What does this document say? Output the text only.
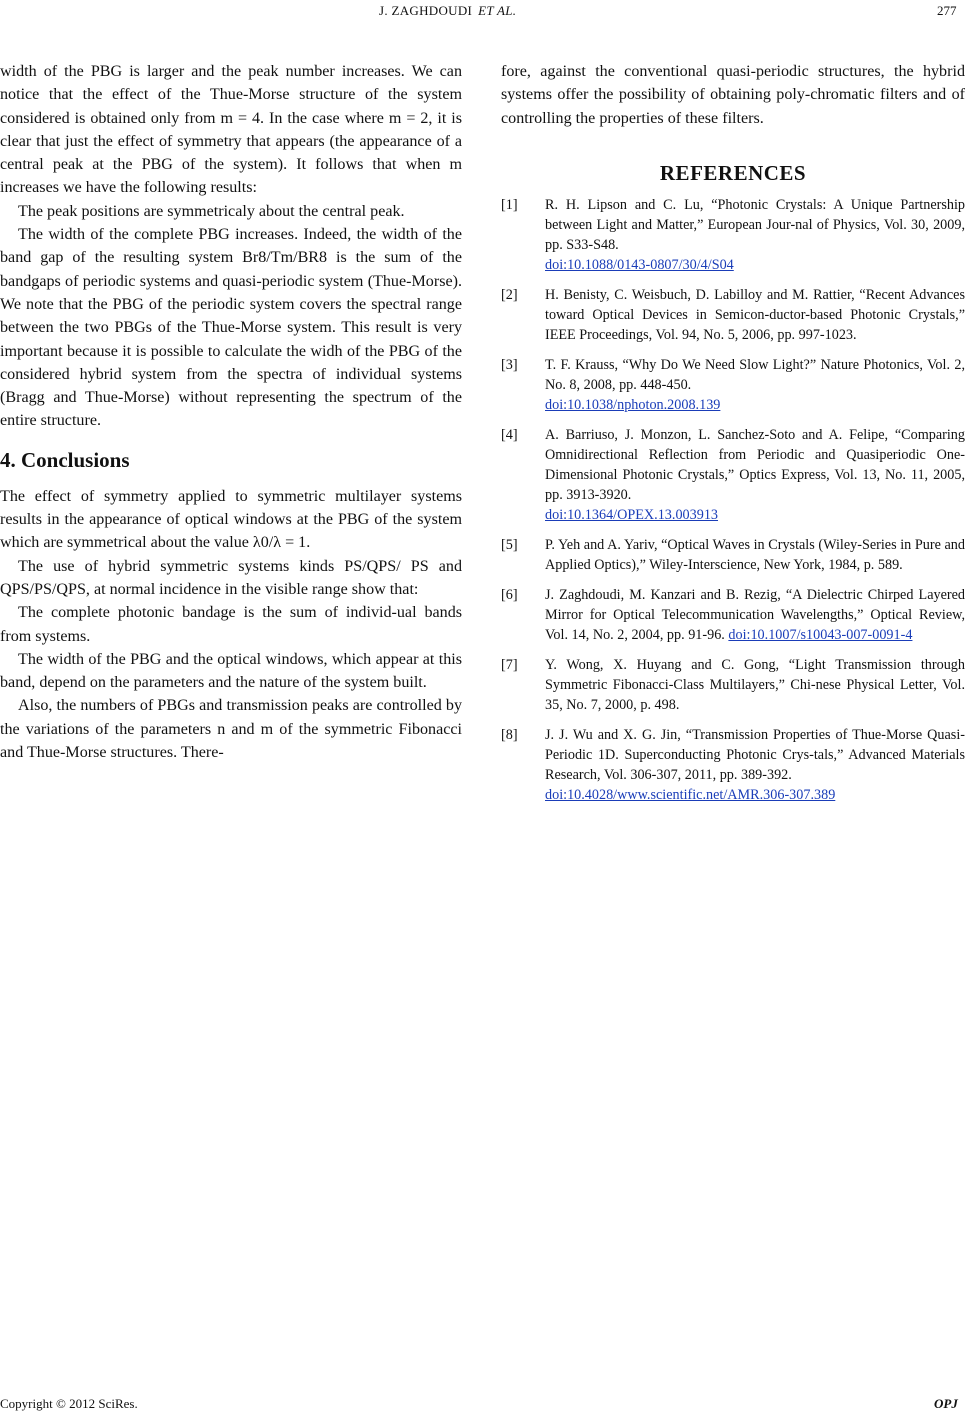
J. ZAGHDOUDI ET AL.	277

width of the PBG is larger and the peak number increases. We can notice that the effect of the Thue-Morse structure of the system considered is obtained only from m = 4. In the case where m = 2, it is clear that just the effect of symmetry that appears (the appearance of a central peak at the PBG of the system). It follows that when m increases we have the following results:

The peak positions are symmetricaly about the central peak.

The width of the complete PBG increases. Indeed, the width of the band gap of the resulting system Br8/Tm/BR8 is the sum of the bandgaps of periodic systems and quasi-periodic system (Thue-Morse). We note that the PBG of the periodic system covers the spectral range between the two PBGs of the Thue-Morse system. This result is very important because it is possible to calculate the widh of the PBG of the considered hybrid system from the spectra of individual systems (Bragg and Thue-Morse) without representing the spectrum of the entire structure.

4. Conclusions

The effect of symmetry applied to symmetric multilayer systems results in the appearance of optical windows at the PBG of the system which are symmetrical about the value λ0/λ = 1.

The use of hybrid symmetric systems kinds PS/QPS/ PS and QPS/PS/QPS, at normal incidence in the visible range show that:

The complete photonic bandage is the sum of individ-ual bands from systems.

The width of the PBG and the optical windows, which appear at this band, depend on the parameters and the nature of the system built.

Also, the numbers of PBGs and transmission peaks are controlled by the variations of the parameters n and m of the symmetric Fibonacci and Thue-Morse structures. There-

fore, against the conventional quasi-periodic structures, the hybrid systems offer the possibility of obtaining poly-chromatic filters and of controlling the properties of these filters.

REFERENCES
[1]	R. H. Lipson and C. Lu, “Photonic Crystals: A Unique Partnership between Light and Matter,” European Jour-nal of Physics, Vol. 30, 2009, pp. S33-S48.
doi:10.1088/0143-0807/30/4/S04
[2]	H. Benisty, C. Weisbuch, D. Labilloy and M. Rattier, “Recent Advances toward Optical Devices in Semicon-ductor-based Photonic Crystals,” IEEE Proceedings, Vol. 94, No. 5, 2006, pp. 997-1023.
[3]	T. F. Krauss, “Why Do We Need Slow Light?” Nature Photonics, Vol. 2, No. 8, 2008, pp. 448-450.
doi:10.1038/nphoton.2008.139
[4]	A. Barriuso, J. Monzon, L. Sanchez-Soto and A. Felipe, “Comparing Omnidirectional Reflection from Periodic and Quasiperiodic One-Dimensional Photonic Crystals,” Optics Express, Vol. 13, No. 11, 2005, pp. 3913-3920.
doi:10.1364/OPEX.13.003913
[5]	P. Yeh and A. Yariv, “Optical Waves in Crystals (Wiley-Series in Pure and Applied Optics),” Wiley-Interscience, New York, 1984, p. 589.
[6]	J. Zaghdoudi, M. Kanzari and B. Rezig, “A Dielectric Chirped Layered Mirror for Optical Telecommunication Wavelengths,” Optical Review, Vol. 14, No. 2, 2004, pp. 91-96. doi:10.1007/s10043-007-0091-4
[7]	Y. Wong, X. Huyang and C. Gong, “Light Transmission through Symmetric Fibonacci-Class Multilayers,” Chi-nese Physical Letter, Vol. 35, No. 7, 2000, p. 498.
[8]	J. J. Wu and X. G. Jin, “Transmission Properties of Thue-Morse Quasi-Periodic 1D. Superconducting Photonic Crys-tals,” Advanced Materials Research, Vol. 306-307, 2011, pp. 389-392.
doi:10.4028/www.scientific.net/AMR.306-307.389
Copyright © 2012 SciRes.	OPJ
